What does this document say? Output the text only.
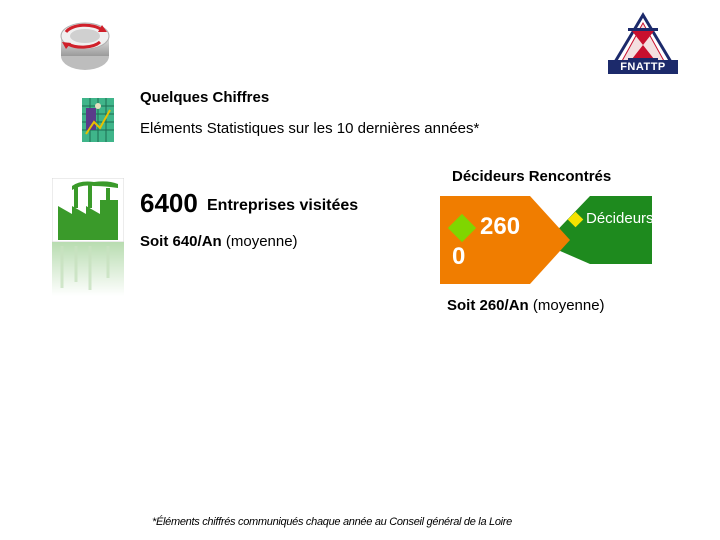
FNATTP
Quelques Chiffres
Eléments Statistiques sur les 10 dernières années*
6400 Entreprises visitées
Soit 640/An (moyenne)
Décideurs Rencontrés
2600
Décideurs
Soit 260/An (moyenne)
*Éléments chiffrés communiqués chaque année au Conseil général de la Loire
